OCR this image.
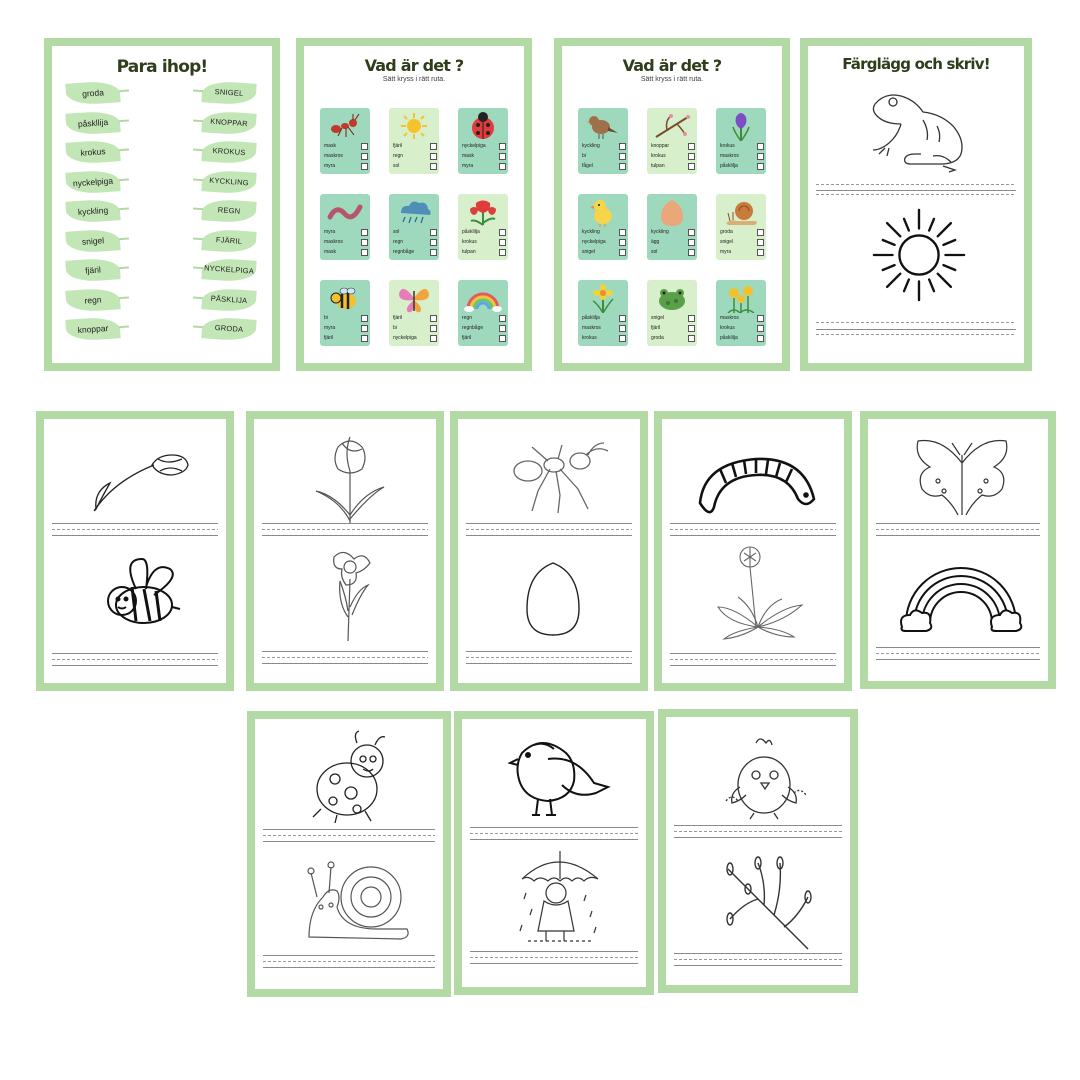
Para ihop!
groda
påskllija
krokus
nyckelpiga
kyckling
snigel
fjäril
regn
knoppar
SNIGEL
KNOPPAR
KROKUS
KYCKLING
REGN
FJÄRIL
NYCKELPIGA
PÅSKLIJA
GRODA
Vad är det ?
Sätt kryss i rätt ruta.
mask
maskros
myra
fjäril
regn
sol
nyckelpiga
mask
myra
myra
maskros
mask
sol
regn
regnbåge
påsklilja
krokus
tulpan
bi
myra
fjäril
fjäril
bi
nyckelpiga
regn
regnbåge
fjäril
Vad är det ?
Sätt kryss i rätt ruta.
kyckling
bi
fågel
knoppar
krokus
tulpan
krokus
maskros
påsklilja
kyckling
nyckelpiga
snigel
kyckling
ägg
sol
groda
snigel
myra
påsklilja
maskros
krokus
snigel
fjäril
groda
maskros
krokus
påsklilja
Färglägg och skriv!
